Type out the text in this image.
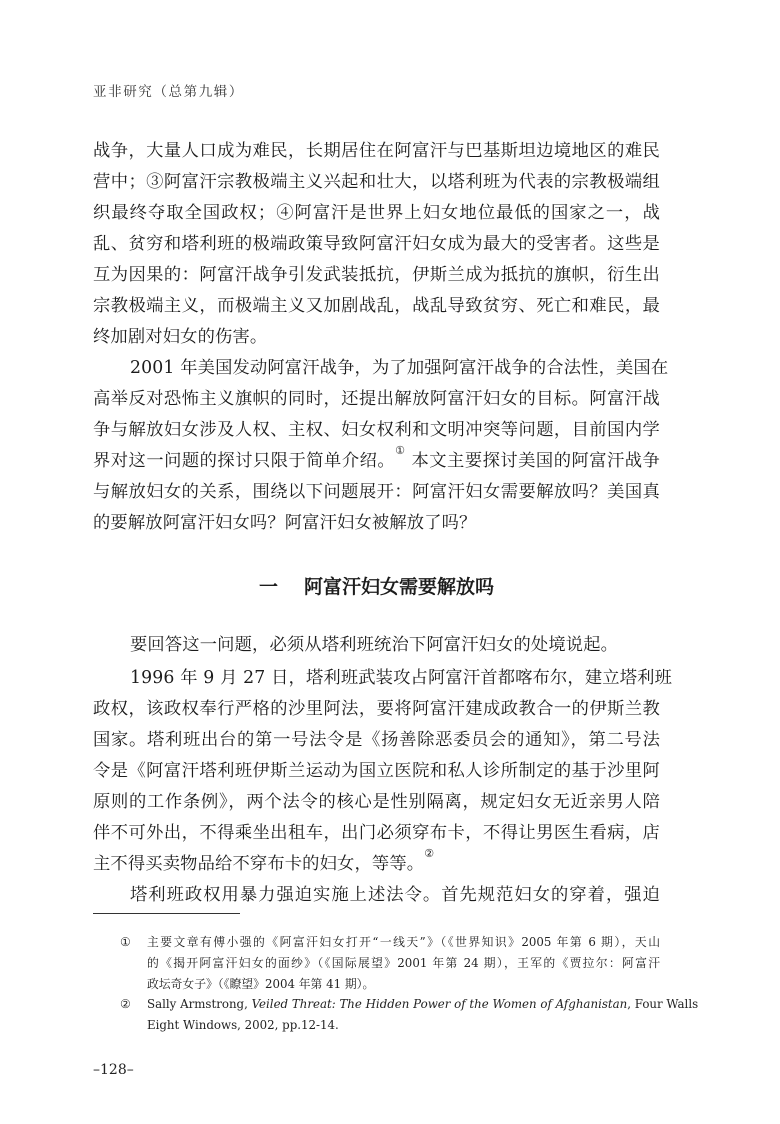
亚非研究（总第九辑）
战争，大量人口成为难民，长期居住在阿富汗与巴基斯坦边境地区的难民
营中；③阿富汗宗教极端主义兴起和壮大，以塔利班为代表的宗教极端组
织最终夺取全国政权；④阿富汗是世界上妇女地位最低的国家之一，战
乱、贫穷和塔利班的极端政策导致阿富汗妇女成为最大的受害者。这些是
互为因果的：阿富汗战争引发武装抵抗，伊斯兰成为抵抗的旗帜，衍生出
宗教极端主义，而极端主义又加剧战乱，战乱导致贫穷、死亡和难民，最
终加剧对妇女的伤害。
2001 年美国发动阿富汗战争，为了加强阿富汗战争的合法性，美国在
高举反对恐怖主义旗帜的同时，还提出解放阿富汗妇女的目标。阿富汗战
争与解放妇女涉及人权、主权、妇女权利和文明冲突等问题，目前国内学
界对这一问题的探讨只限于简单介绍。① 本文主要探讨美国的阿富汗战争
与解放妇女的关系，围绕以下问题展开：阿富汗妇女需要解放吗？美国真
的要解放阿富汗妇女吗？阿富汗妇女被解放了吗？
一 阿富汗妇女需要解放吗
要回答这一问题，必须从塔利班统治下阿富汗妇女的处境说起。
1996 年 9 月 27 日，塔利班武装攻占阿富汗首都喀布尔，建立塔利班
政权，该政权奉行严格的沙里阿法，要将阿富汗建成政教合一的伊斯兰教
国家。塔利班出台的第一号法令是《扬善除恶委员会的通知》，第二号法
令是《阿富汗塔利班伊斯兰运动为国立医院和私人诊所制定的基于沙里阿
原则的工作条例》，两个法令的核心是性别隔离，规定妇女无近亲男人陪
伴不可外出，不得乘坐出租车，出门必须穿布卡，不得让男医生看病，店
主不得买卖物品给不穿布卡的妇女，等等。②
塔利班政权用暴力强迫实施上述法令。首先规范妇女的穿着，强迫
① 主要文章有傅小强的《阿富汗妇女打开“一线天”》（《世界知识》2005 年第 6 期），天山
的《揭开阿富汗妇女的面纱》（《国际展望》2001 年第 24 期），王军的《贾拉尔：阿富汗
政坛奇女子》（《瞭望》2004 年第 41 期）。
② Sally Armstrong, Veiled Threat: The Hidden Power of the Women of Afghanistan, Four Walls
Eight Windows, 2002, pp.12-14.
–128–
